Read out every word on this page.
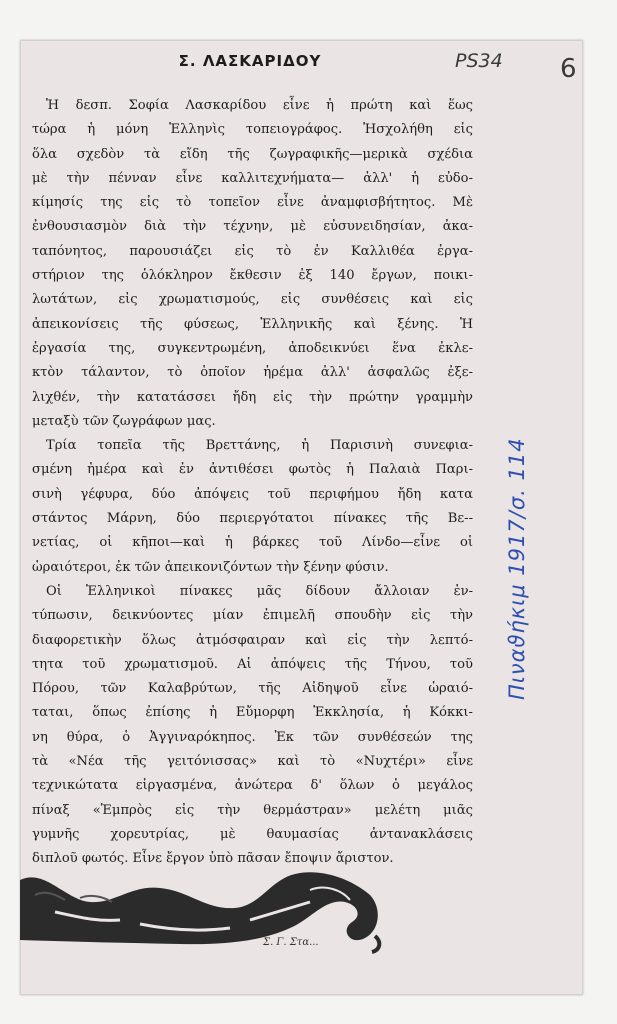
Σ. ΛΑΣΚΑΡΙΔΟΥ	PS34 6
Ἡ δεσπ. Σοφία Λασκαρίδου εἶνε ἡ πρώτη καὶ ἕως
τώρα ἡ μόνη Ἑλληνὶς τοπειογράφος. Ἠσχολήθη εἰς
ὅλα σχεδὸν τὰ εἴδη τῆς ζωγραφικῆς—μερικὰ σχέδια
μὲ τὴν πένναν εἶνε καλλιτεχνήματα— ἀλλ' ἡ εὐδο-
κίμησίς της εἰς τὸ τοπεῖον εἶνε ἀναμφισβήτητος. Μὲ
ἐνθουσιασμὸν διὰ τὴν τέχνην, μὲ εὐσυνειδησίαν, ἀκα-
ταπόνητος, παρουσιάζει εἰς τὸ ἐν Καλλιθέα ἐργα-
στήριον της ὁλόκληρον ἔκθεσιν ἐξ 140 ἔργων, ποικι-
λωτάτων, εἰς χρωματισμούς, εἰς συνθέσεις καὶ εἰς
ἀπεικονίσεις τῆς φύσεως, Ἑλληνικῆς καὶ ξένης. Ἡ
ἐργασία της, συγκεντρωμένη, ἀποδεικνύει ἕνα ἐκλε-
κτὸν τάλαντον, τὸ ὁποῖον ἠρέμα ἀλλ' ἀσφαλῶς ἐξε-
λιχθέν, τὴν κατατάσσει ἤδη εἰς τὴν πρώτην γραμμὴν
μεταξὺ τῶν ζωγράφων μας.
Τρία τοπεῖα τῆς Βρεττάνης, ἡ Παρισινὴ συνεφια-
σμένη ἡμέρα καὶ ἐν ἀντιθέσει φωτὸς ἡ Παλαιὰ Παρι-
σινὴ γέφυρα, δύο ἀπόψεις τοῦ περιφήμου ἤδη κατα
στάντος Μάρνη, δύο περιεργότατοι πίνακες τῆς Βε--
νετίας, οἱ κῆποι—καὶ ἡ βάρκες τοῦ Λίνδο—εἶνε οἱ
ὡραιότεροι, ἐκ τῶν ἀπεικονιζόντων τὴν ξένην φύσιν.
Οἱ Ἑλληνικοὶ πίνακες μᾶς δίδουν ἄλλοιαν ἐν-
τύπωσιν, δεικνύοντες μίαν ἐπιμελῆ σπουδὴν εἰς τὴν
διαφορετικὴν ὅλως ἀτμόσφαιραν καὶ εἰς τὴν λεπτό-
τητα τοῦ χρωματισμοῦ. Αἱ ἀπόψεις τῆς Τήνου, τοῦ
Πόρου, τῶν Καλαβρύτων, τῆς Αἰδηψοῦ εἶνε ὡραιό-
ταται, ὅπως ἐπίσης ἡ Εὔμορφη Ἐκκλησία, ἡ Κόκκι-
νη θύρα, ὁ Ἀγγιναρόκηπος. Ἐκ τῶν συνθέσεών της
τὰ «Νέα τῆς γειτόνισσας» καὶ τὸ «Νυχτέρι» εἶνε
τεχνικώτατα εἰργασμένα, ἀνώτερα δ' ὅλων ὁ μεγάλος
πίναξ «Ἐμπρὸς εἰς τὴν θερμάστραν» μελέτη μιᾶς
γυμνῆς χορευτρίας, μὲ θαυμασίας ἀντανακλάσεις
διπλοῦ φωτός. Εἶνε ἔργον ὑπὸ πᾶσαν ἔποψιν ἄριστον.
Πιναϑήκιμ 1917/σ. 114
Σ. Γ. Στα...
